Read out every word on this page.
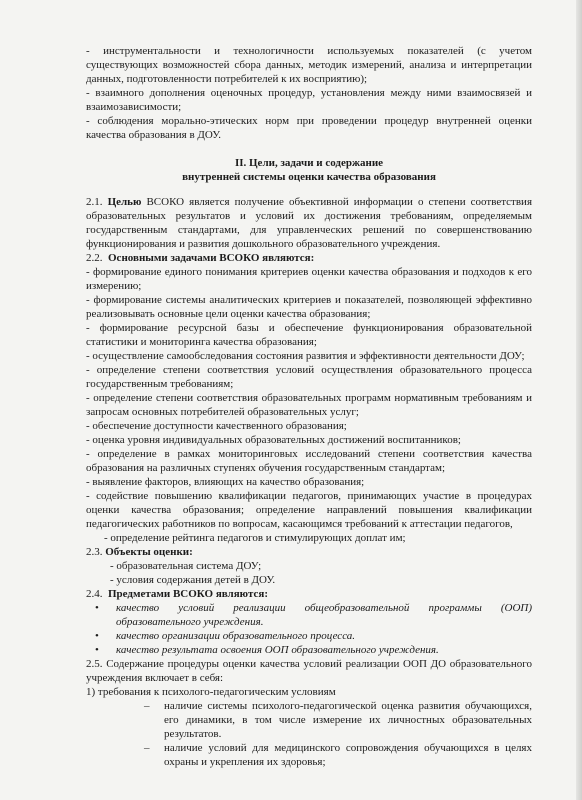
- инструментальности и технологичности используемых показателей (с учетом существующих возможностей сбора данных, методик измерений, анализа и интерпретации данных, подготовленности потребителей к их восприятию);

- взаимного дополнения оценочных процедур, установления между ними взаимосвязей и взаимозависимости;

- соблюдения морально-этических норм при проведении процедур внутренней оценки качества образования в ДОУ.

II. Цели, задачи и содержание
внутренней системы оценки качества образования

2.1. Целью ВСОКО является получение объективной информации о степени соответствия образовательных результатов и условий их достижения требованиям, определяемым государственным стандартами, для управленческих решений по совершенствованию функционирования и развития дошкольного образовательного учреждения.

2.2. Основными задачами ВСОКО являются:

- формирование единого понимания критериев оценки качества образования и подходов к его измерению;

- формирование системы аналитических критериев и показателей, позволяющей эффективно реализовывать основные цели оценки качества образования;

- формирование ресурсной базы и обеспечение функционирования образовательной статистики и мониторинга качества образования;

- осуществление самообследования состояния развития и эффективности деятельности ДОУ;

- определение степени соответствия условий осуществления образовательного процесса государственным требованиям;

- определение степени соответствия образовательных программ нормативным требованиям и запросам основных потребителей образовательных услуг;

- обеспечение доступности качественного образования;

- оценка уровня индивидуальных образовательных достижений воспитанников;

- определение в рамках мониторинговых исследований степени соответствия качества образования на различных ступенях обучения государственным стандартам;

- выявление факторов, влияющих на качество образования;

- содействие повышению квалификации педагогов, принимающих участие в процедурах оценки качества образования; определение направлений повышения квалификации педагогических работников по вопросам, касающимся требований к аттестации педагогов,

- определение рейтинга педагогов и стимулирующих доплат им;

2.3. Объекты оценки:

- образовательная система ДОУ;

- условия содержания детей в ДОУ.

2.4. Предметами ВСОКО являются:

• качество условий реализации общеобразовательной программы (ООП) образовательного учреждения.
• качество организации образовательного процесса.
• качество результата освоения ООП образовательного учреждения.

2.5. Содержание процедуры оценки качества условий реализации ООП ДО образовательного учреждения включает в себя:

1) требования к психолого-педагогическим условиям

– наличие системы психолого-педагогической оценка развития обучающихся, его динамики, в том числе измерение их личностных образовательных результатов.
– наличие условий для медицинского сопровождения обучающихся в целях охраны и укрепления их здоровья;
